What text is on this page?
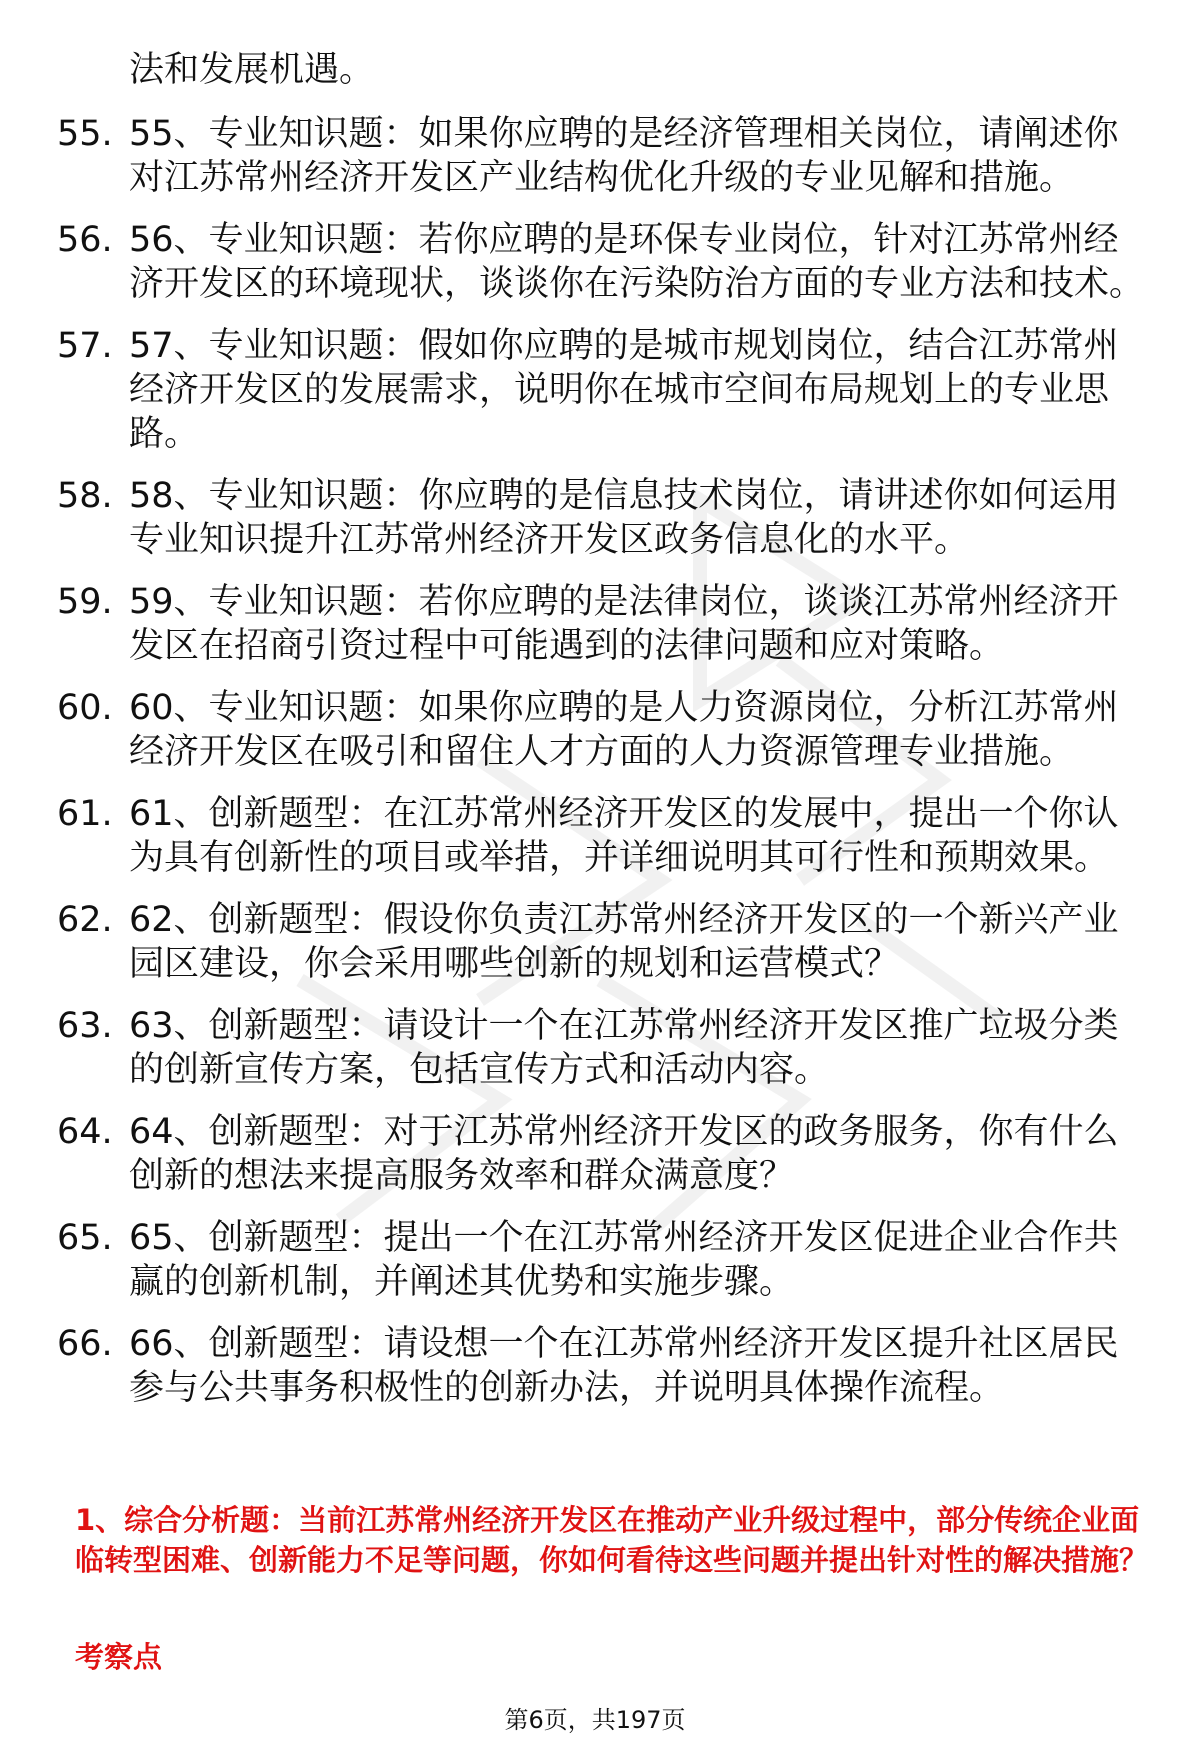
法和发展机遇。
55. 55、专业知识题：如果你应聘的是经济管理相关岗位，请阐述你对江苏常州经济开发区产业结构优化升级的专业见解和措施。
56. 56、专业知识题：若你应聘的是环保专业岗位，针对江苏常州经济开发区的环境现状，谈谈你在污染防治方面的专业方法和技术。
57. 57、专业知识题：假如你应聘的是城市规划岗位，结合江苏常州经济开发区的发展需求，说明你在城市空间布局规划上的专业思路。
58. 58、专业知识题：你应聘的是信息技术岗位，请讲述你如何运用专业知识提升江苏常州经济开发区政务信息化的水平。
59. 59、专业知识题：若你应聘的是法律岗位，谈谈江苏常州经济开发区在招商引资过程中可能遇到的法律问题和应对策略。
60. 60、专业知识题：如果你应聘的是人力资源岗位，分析江苏常州经济开发区在吸引和留住人才方面的人力资源管理专业措施。
61. 61、创新题型：在江苏常州经济开发区的发展中，提出一个你认为具有创新性的项目或举措，并详细说明其可行性和预期效果。
62. 62、创新题型：假设你负责江苏常州经济开发区的一个新兴产业园区建设，你会采用哪些创新的规划和运营模式？
63. 63、创新题型：请设计一个在江苏常州经济开发区推广垃圾分类的创新宣传方案，包括宣传方式和活动内容。
64. 64、创新题型：对于江苏常州经济开发区的政务服务，你有什么创新的想法来提高服务效率和群众满意度？
65. 65、创新题型：提出一个在江苏常州经济开发区促进企业合作共赢的创新机制，并阐述其优势和实施步骤。
66. 66、创新题型：请设想一个在江苏常州经济开发区提升社区居民参与公共事务积极性的创新办法，并说明具体操作流程。
1、综合分析题：当前江苏常州经济开发区在推动产业升级过程中，部分传统企业面临转型困难、创新能力不足等问题，你如何看待这些问题并提出针对性的解决措施？
考察点
第6页，共197页
